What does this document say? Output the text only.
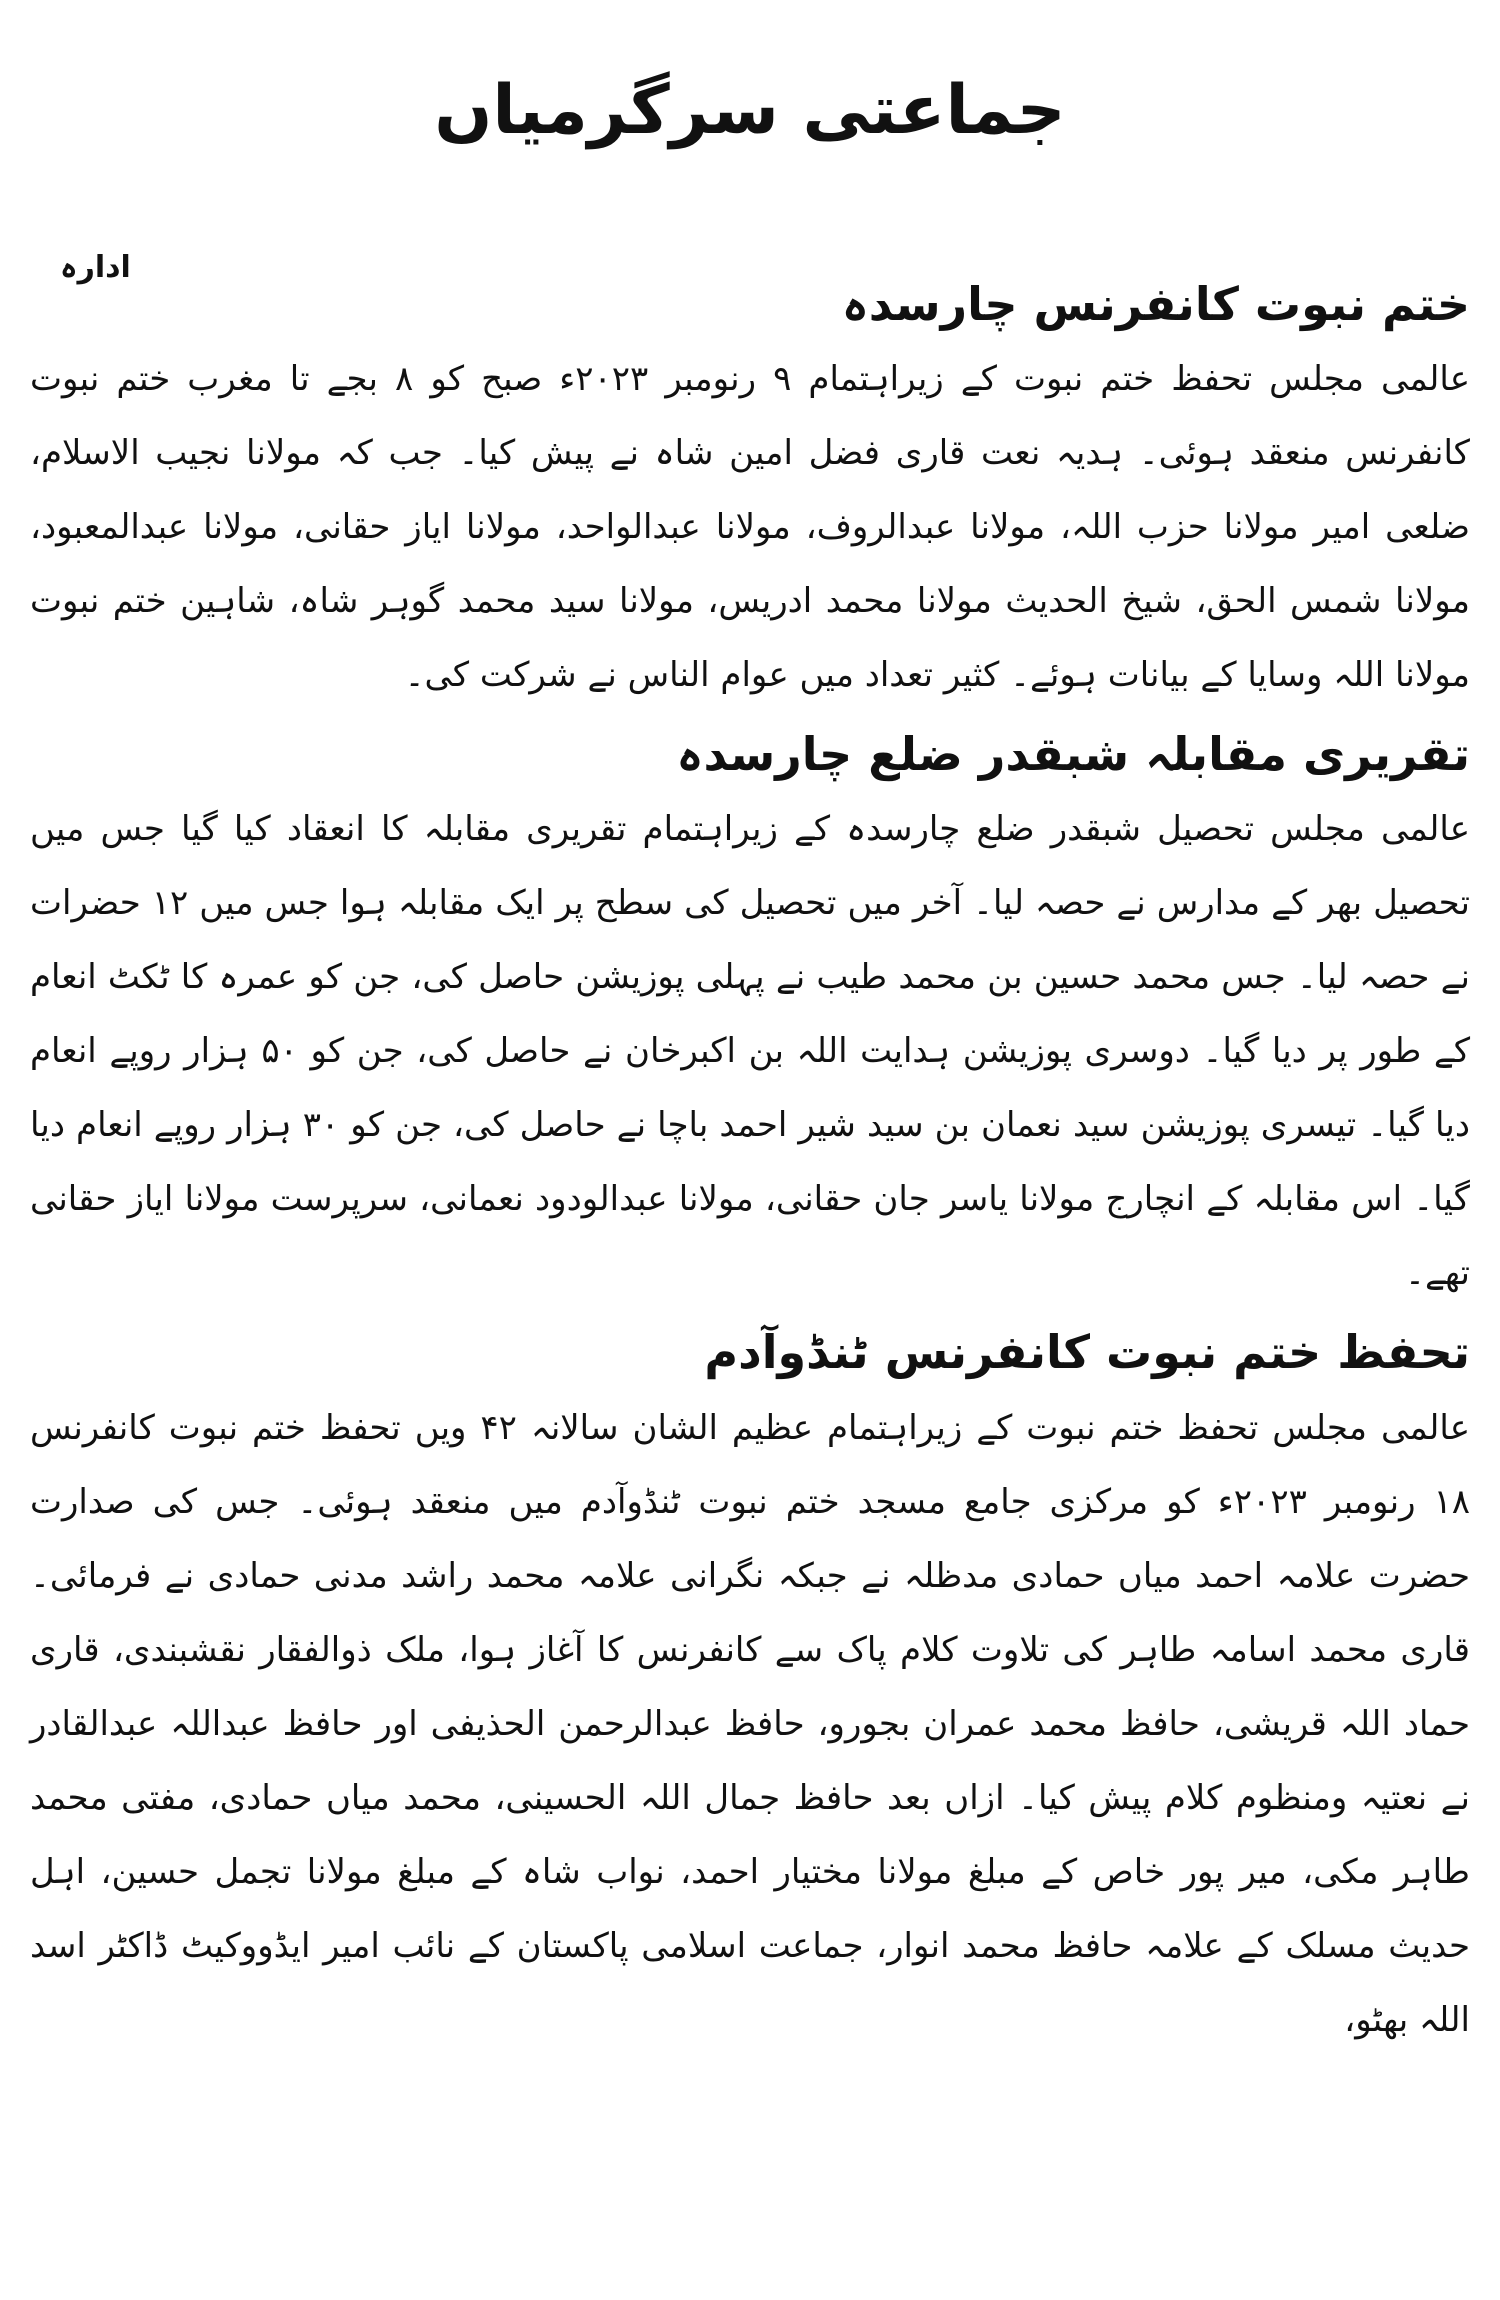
جماعتی سرگرمیاں
ادارہ
ختم نبوت کانفرنس چارسدہ

عالمی مجلس تحفظ ختم نبوت کے زیراہتمام ۹ رنومبر ۲۰۲۳ء صبح کو ۸ بجے تا مغرب ختم نبوت کانفرنس منعقد ہوئی۔ ہدیہ نعت قاری فضل امین شاہ نے پیش کیا۔ جب کہ مولانا نجیب الاسلام، ضلعی امیر مولانا حزب اللہ، مولانا عبدالروف، مولانا عبدالواحد، مولانا ایاز حقانی، مولانا عبدالمعبود، مولانا شمس الحق، شیخ الحدیث مولانا محمد ادریس، مولانا سید محمد گوہر شاہ، شاہین ختم نبوت مولانا اللہ وسایا کے بیانات ہوئے۔ کثیر تعداد میں عوام الناس نے شرکت کی۔

تقریری مقابلہ شبقدر ضلع چارسدہ

عالمی مجلس تحصیل شبقدر ضلع چارسدہ کے زیراہتمام تقریری مقابلہ کا انعقاد کیا گیا جس میں تحصیل بھر کے مدارس نے حصہ لیا۔ آخر میں تحصیل کی سطح پر ایک مقابلہ ہوا جس میں ۱۲ حضرات نے حصہ لیا۔ جس محمد حسین بن محمد طیب نے پہلی پوزیشن حاصل کی، جن کو عمرہ کا ٹکٹ انعام کے طور پر دیا گیا۔ دوسری پوزیشن ہدایت اللہ بن اکبرخان نے حاصل کی، جن کو ۵۰ ہزار روپے انعام دیا گیا۔ تیسری پوزیشن سید نعمان بن سید شیر احمد باچا نے حاصل کی، جن کو ۳۰ ہزار روپے انعام دیا گیا۔ اس مقابلہ کے انچارج مولانا یاسر جان حقانی، مولانا عبدالودود نعمانی، سرپرست مولانا ایاز حقانی تھے۔

تحفظ ختم نبوت کانفرنس ٹنڈوآدم

عالمی مجلس تحفظ ختم نبوت کے زیراہتمام عظیم الشان سالانہ ۴۲ ویں تحفظ ختم نبوت کانفرنس ۱۸ رنومبر ۲۰۲۳ء کو مرکزی جامع مسجد ختم نبوت ٹنڈوآدم میں منعقد ہوئی۔ جس کی صدارت حضرت علامہ احمد میاں حمادی مدظلہ نے جبکہ نگرانی علامہ محمد راشد مدنی حمادی نے فرمائی۔ قاری محمد اسامہ طاہر کی تلاوت کلام پاک سے کانفرنس کا آغاز ہوا، ملک ذوالفقار نقشبندی، قاری حماد اللہ قریشی، حافظ محمد عمران بجورو، حافظ عبدالرحمن الحذیفی اور حافظ عبداللہ عبدالقادر نے نعتیہ ومنظوم کلام پیش کیا۔ ازاں بعد حافظ جمال اللہ الحسینی، محمد میاں حمادی، مفتی محمد طاہر مکی، میر پور خاص کے مبلغ مولانا مختیار احمد، نواب شاہ کے مبلغ مولانا تجمل حسین، اہل حدیث مسلک کے علامہ حافظ محمد انوار، جماعت اسلامی پاکستان کے نائب امیر ایڈووکیٹ ڈاکٹر اسد اللہ بھٹو،
